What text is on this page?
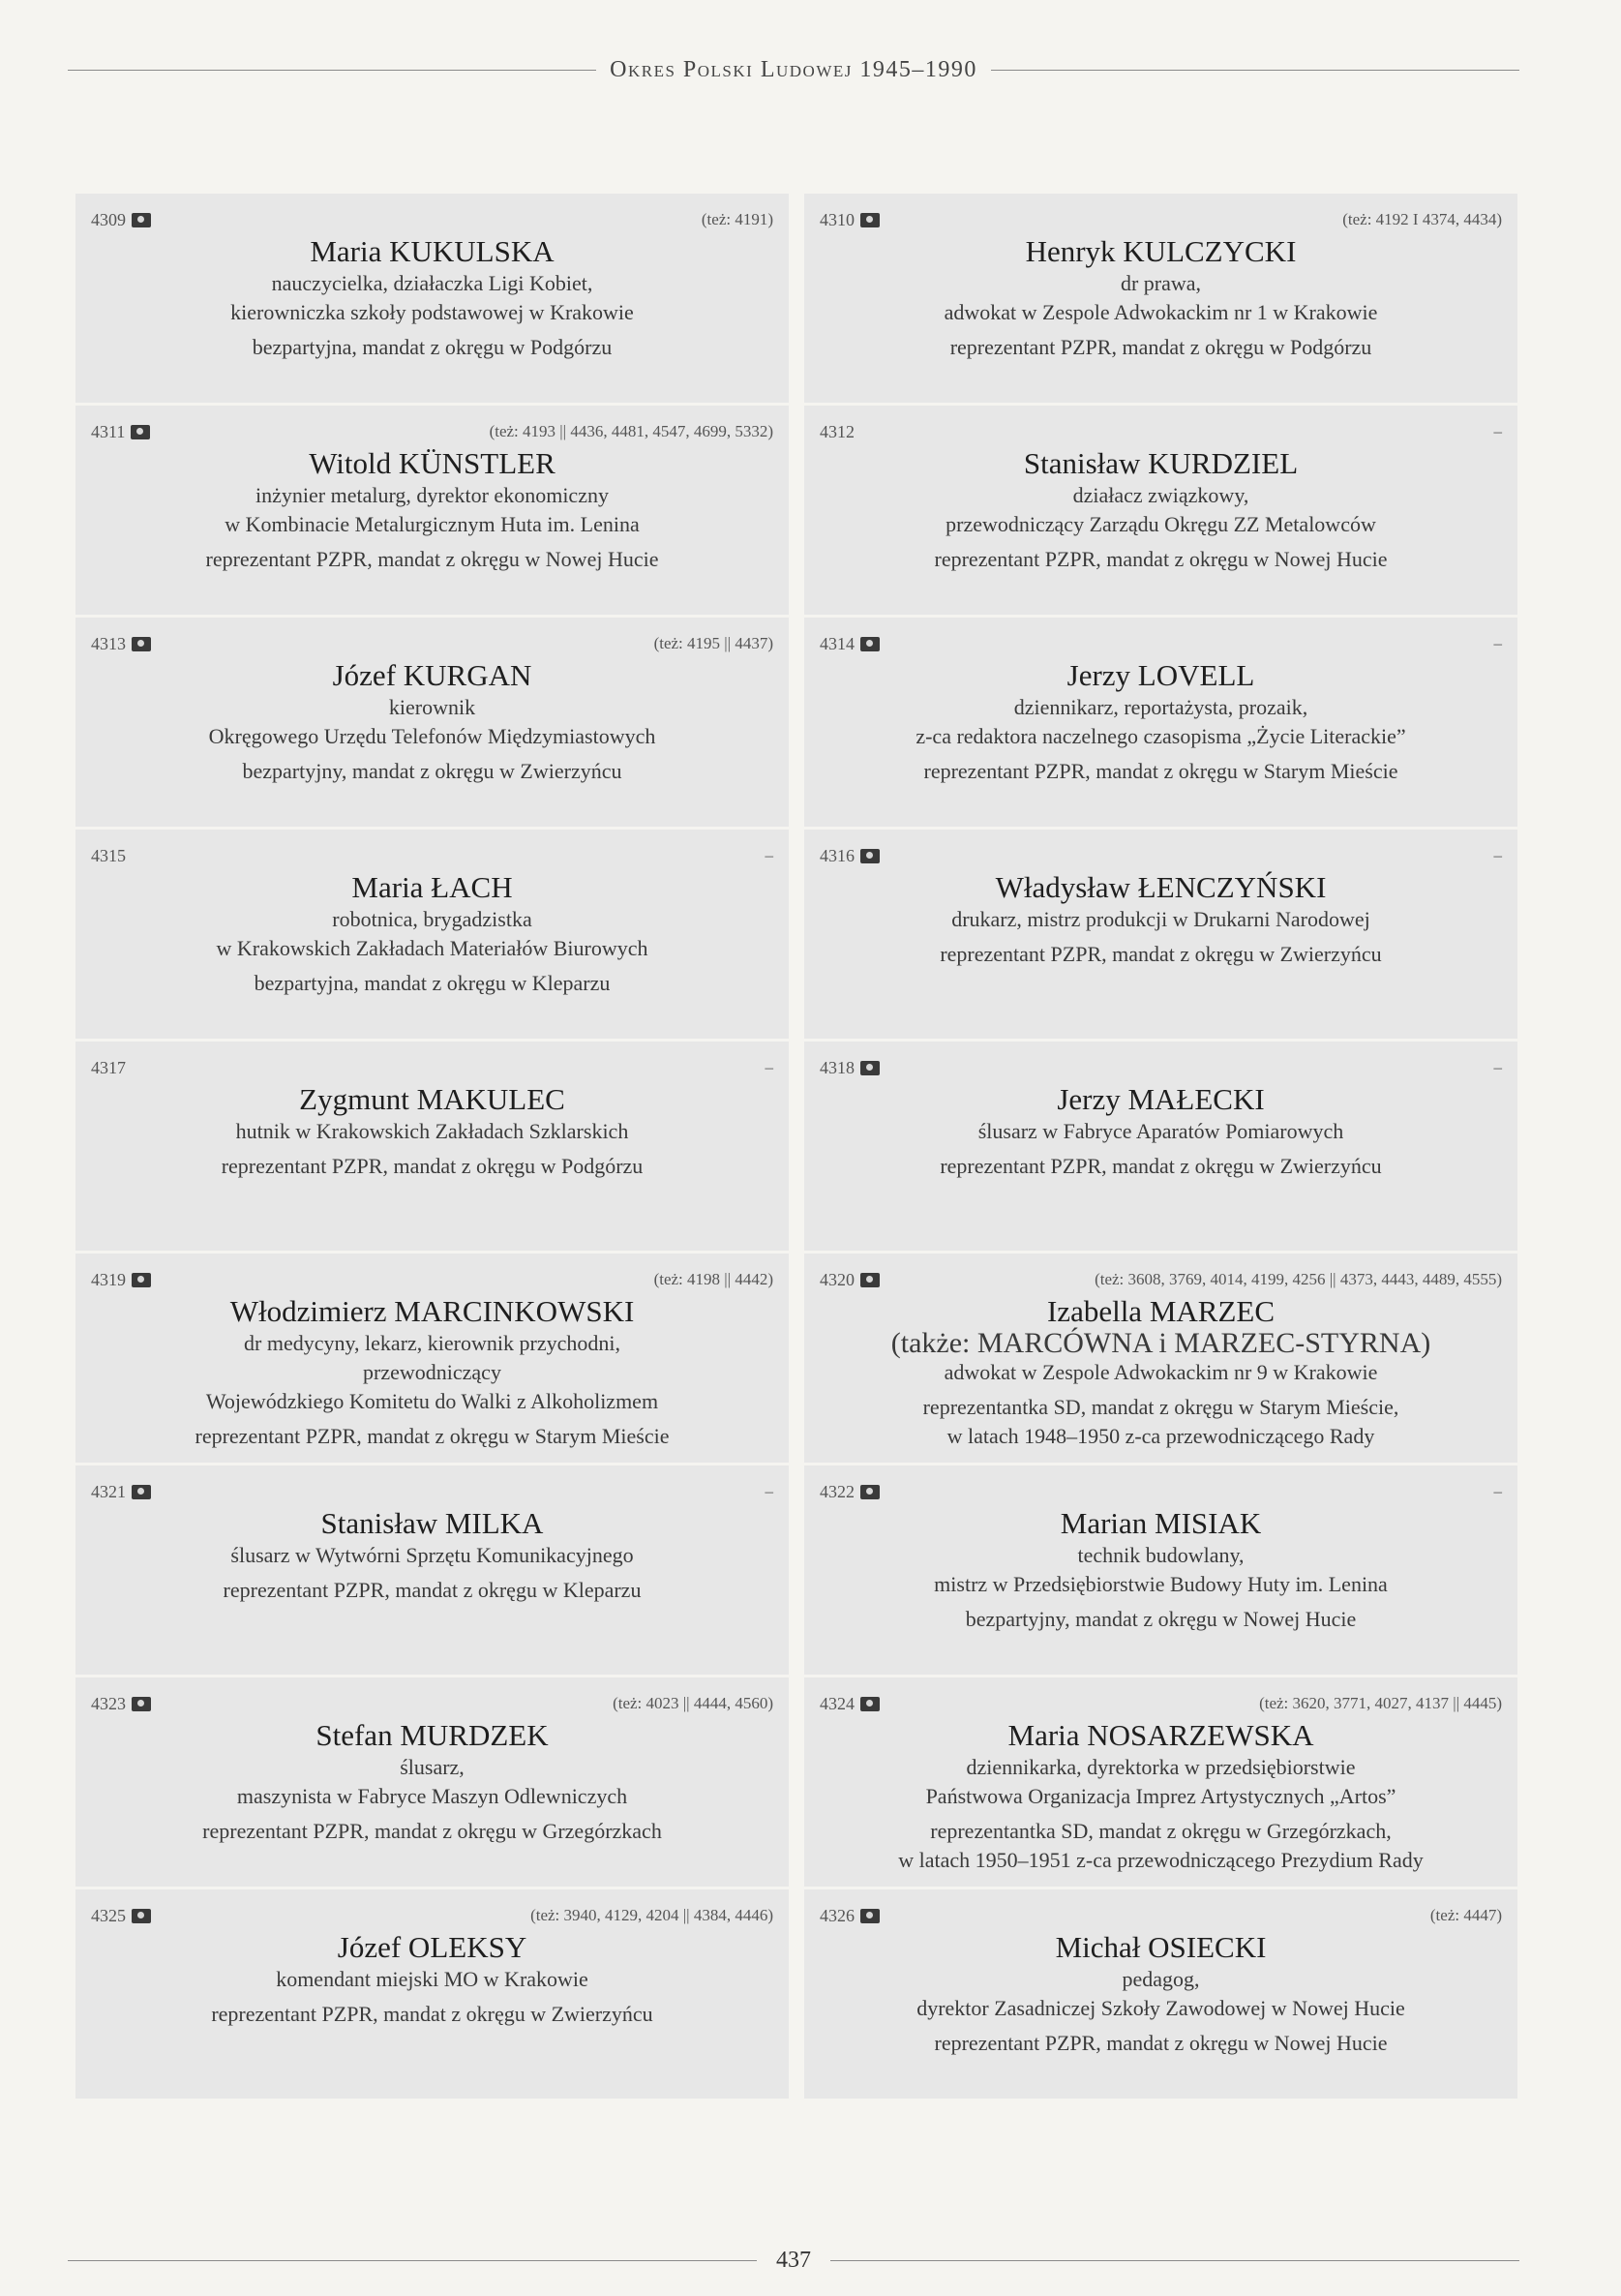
Okres Polski Ludowej 1945–1990
4309	(też: 4191)
Maria KUKULSKA
nauczycielka, działaczka Ligi Kobiet,
kierowniczka szkoły podstawowej w Krakowie
bezpartyjna, mandat z okręgu w Podgórzu
4310	(też: 4192 I 4374, 4434)
Henryk KULCZYCKI
dr prawa,
adwokat w Zespole Adwokackim nr 1 w Krakowie
reprezentant PZPR, mandat z okręgu w Podgórzu
4311	(też: 4193 || 4436, 4481, 4547, 4699, 5332)
Witold KÜNSTLER
inżynier metalurg, dyrektor ekonomiczny
w Kombinacie Metalurgicznym Huta im. Lenina
reprezentant PZPR, mandat z okręgu w Nowej Hucie
4312	–
Stanisław KURDZIEL
działacz związkowy,
przewodniczący Zarządu Okręgu ZZ Metalowców
reprezentant PZPR, mandat z okręgu w Nowej Hucie
4313	(też: 4195 || 4437)
Józef KURGAN
kierownik
Okręgowego Urzędu Telefonów Międzymiastowych
bezpartyjny, mandat z okręgu w Zwierzyńcu
4314	–
Jerzy LOVELL
dziennikarz, reportażysta, prozaik,
z-ca redaktora naczelnego czasopisma „Życie Literackie”
reprezentant PZPR, mandat z okręgu w Starym Mieście
4315	–
Maria ŁACH
robotnica, brygadzistka
w Krakowskich Zakładach Materiałów Biurowych
bezpartyjna, mandat z okręgu w Kleparzu
4316	–
Władysław ŁENCZYŃSKI
drukarz, mistrz produkcji w Drukarni Narodowej
reprezentant PZPR, mandat z okręgu w Zwierzyńcu
4317	–
Zygmunt MAKULEC
hutnik w Krakowskich Zakładach Szklarskich
reprezentant PZPR, mandat z okręgu w Podgórzu
4318	–
Jerzy MAŁECKI
ślusarz w Fabryce Aparatów Pomiarowych
reprezentant PZPR, mandat z okręgu w Zwierzyńcu
4319	(też: 4198 || 4442)
Włodzimierz MARCINKOWSKI
dr medycyny, lekarz, kierownik przychodni,
przewodniczący
Wojewódzkiego Komitetu do Walki z Alkoholizmem
reprezentant PZPR, mandat z okręgu w Starym Mieście
4320	(też: 3608, 3769, 4014, 4199, 4256 || 4373, 4443, 4489, 4555)
Izabella MARZEC
(także: MARCÓWNA i MARZEC-STYRNA)
adwokat w Zespole Adwokackim nr 9 w Krakowie
reprezentantka SD, mandat z okręgu w Starym Mieście,
w latach 1948–1950 z-ca przewodniczącego Rady
4321	–
Stanisław MILKA
ślusarz w Wytwórni Sprzętu Komunikacyjnego
reprezentant PZPR, mandat z okręgu w Kleparzu
4322	–
Marian MISIAK
technik budowlany,
mistrz w Przedsiębiorstwie Budowy Huty im. Lenina
bezpartyjny, mandat z okręgu w Nowej Hucie
4323	(też: 4023 || 4444, 4560)
Stefan MURDZEK
ślusarz,
maszynista w Fabryce Maszyn Odlewniczych
reprezentant PZPR, mandat z okręgu w Grzegórzkach
4324	(też: 3620, 3771, 4027, 4137 || 4445)
Maria NOSARZEWSKA
dziennikarka, dyrektorka w przedsiębiorstwie
Państwowa Organizacja Imprez Artystycznych „Artos”
reprezentantka SD, mandat z okręgu w Grzegórzkach,
w latach 1950–1951 z-ca przewodniczącego Prezydium Rady
4325	(też: 3940, 4129, 4204 || 4384, 4446)
Józef OLEKSY
komendant miejski MO w Krakowie
reprezentant PZPR, mandat z okręgu w Zwierzyńcu
4326	(też: 4447)
Michał OSIECKI
pedagog,
dyrektor Zasadniczej Szkoły Zawodowej w Nowej Hucie
reprezentant PZPR, mandat z okręgu w Nowej Hucie
437
